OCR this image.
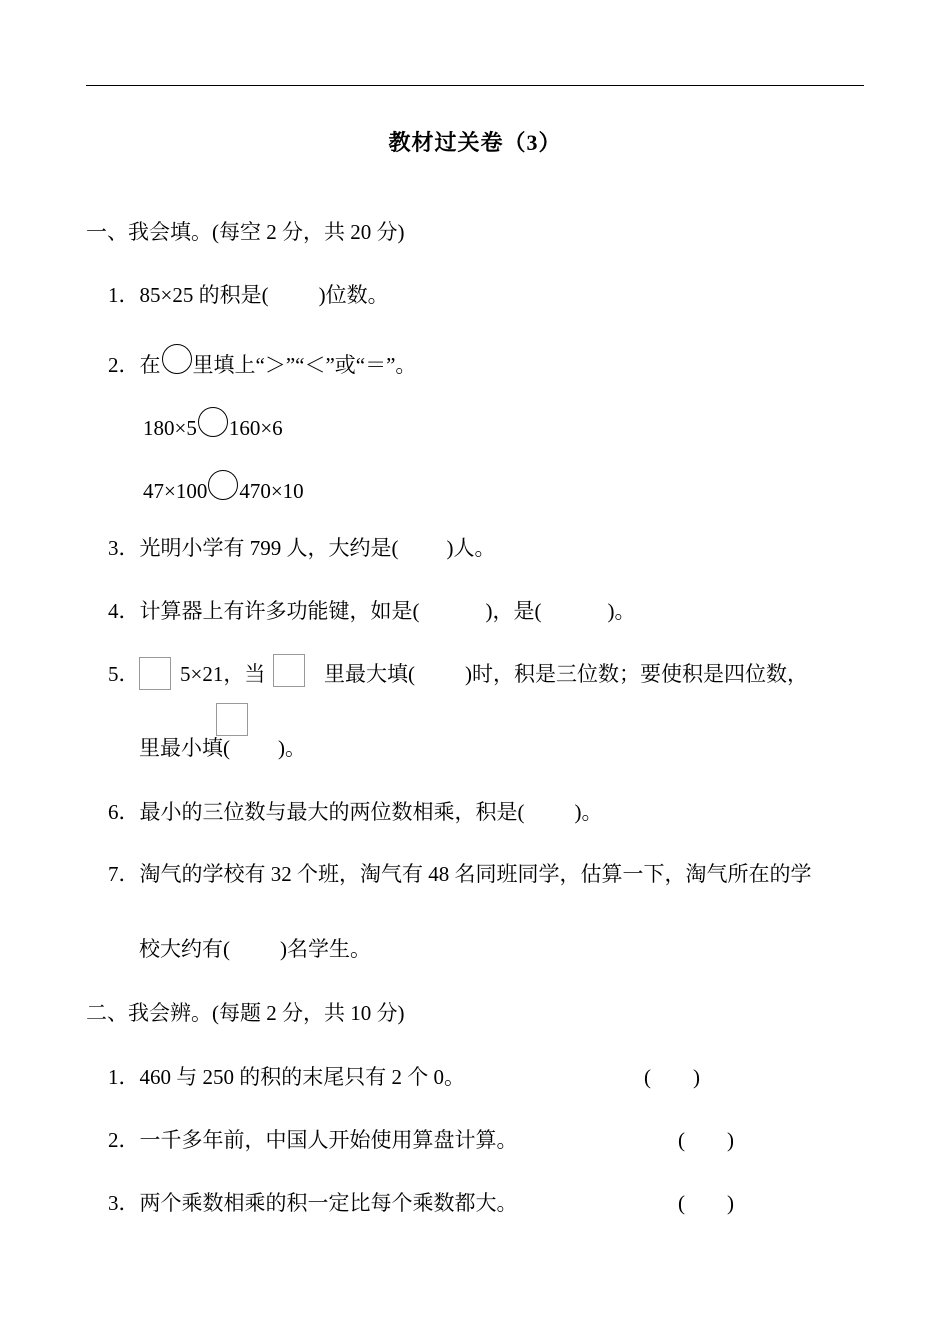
教材过关卷（3）
一、我会填。(每空 2 分，共 20 分)
1．85×25 的积是( )位数。
2．在 里填上“＞”“＜”或“＝”。
180×5 160×6
47×100 470×10
3．光明小学有 799 人，大约是( )人。
4．计算器上有许多功能键，如是(	)，是(	)。
5． 5×21，当	里最大填( )时，积是三位数；要使积是四位数，
里最小填( )。
6．最小的三位数与最大的两位数相乘，积是( )。
7．淘气的学校有 32 个班，淘气有 48 名同班同学，估算一下，淘气所在的学
校大约有( )名学生。
二、我会辨。(每题 2 分，共 10 分)
1．460 与 250 的积的末尾只有 2 个 0。	(　　)
2．一千多年前，中国人开始使用算盘计算。	(　　)
3．两个乘数相乘的积一定比每个乘数都大。	(　　)
